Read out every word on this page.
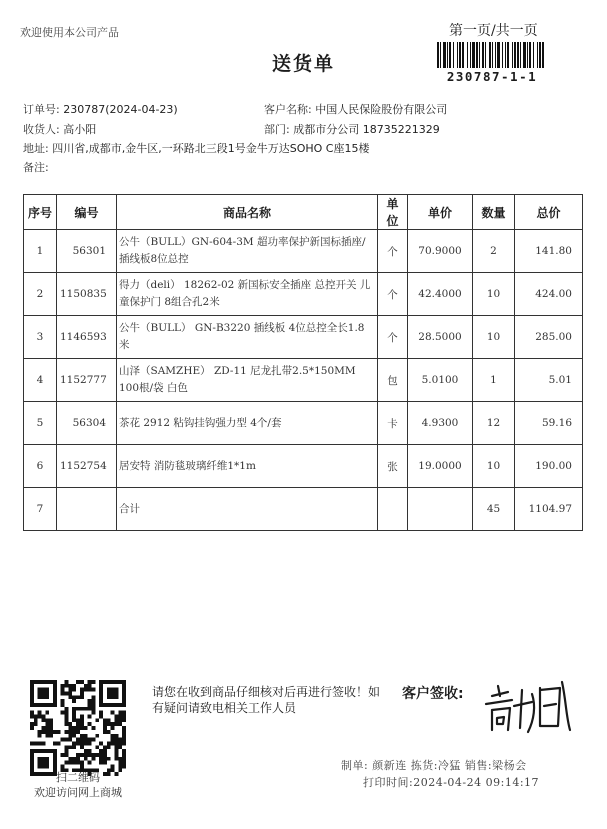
欢迎使用本公司产品	第一页/共一页
230787-1-1
送货单
订单号: 230787(2024-04-23)	客户名称: 中国人民保险股份有限公司
收货人: 高小阳	部门: 成都市分公司 18735221329
地址: 四川省,成都市,金牛区,一环路北三段1号金牛万达SOHO C座15楼
备注:
序号	编号	商品名称	单位	单价	数量	总价
1	56301	公牛（BULL）GN-604-3M 超功率保护新国标插座/插线板8位总控	个	70.9000	2	141.80
2	1150835	得力（deli） 18262-02 新国标安全插座 总控开关 儿童保护门 8组合孔2米	个	42.4000	10	424.00
3	1146593	公牛（BULL） GN-B3220 插线板 4位总控全长1.8米	个	28.5000	10	285.00
4	1152777	山泽（SAMZHE） ZD-11 尼龙扎带2.5*150MM 100根/袋 白色	包	5.0100	1	5.01
5	56304	茶花 2912 粘钩挂钩强力型 4个/套	卡	4.9300	12	59.16
6	1152754	居安特 消防毯玻璃纤维1*1m	张	19.0000	10	190.00
7		合计			45	1104.97
扫二维码
欢迎访问网上商城
请您在收到商品仔细核对后再进行签收！如有疑问请致电相关工作人员
客户签收:
制单: 颜新连 拣货:冷猛 销售:梁杨会
打印时间:2024-04-24 09:14:17
